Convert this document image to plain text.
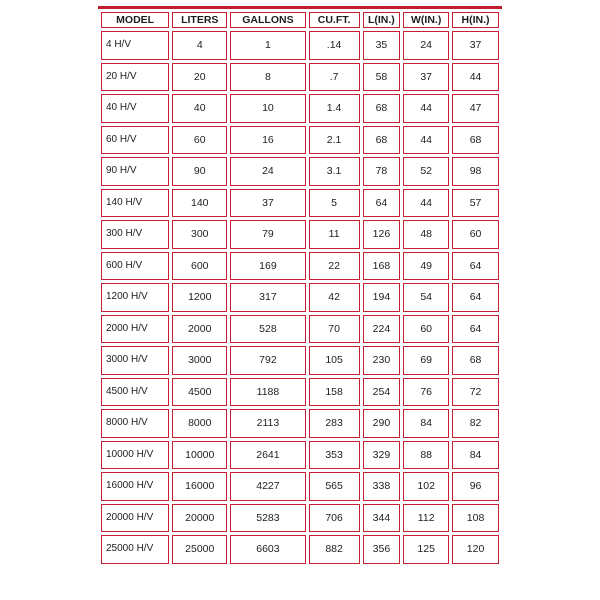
MODEL	LITERS	GALLONS	CU.FT.	L(IN.)	W(IN.)	H(IN.)
4 H/V	4	1	.14	35	24	37
20 H/V	20	8	.7	58	37	44
40 H/V	40	10	1.4	68	44	47
60 H/V	60	16	2.1	68	44	68
90 H/V	90	24	3.1	78	52	98
140 H/V	140	37	5	64	44	57
300 H/V	300	79	11	126	48	60
600 H/V	600	169	22	168	49	64
1200 H/V	1200	317	42	194	54	64
2000 H/V	2000	528	70	224	60	64
3000 H/V	3000	792	105	230	69	68
4500 H/V	4500	1188	158	254	76	72
8000 H/V	8000	2113	283	290	84	82
10000 H/V	10000	2641	353	329	88	84
16000 H/V	16000	4227	565	338	102	96
20000 H/V	20000	5283	706	344	112	108
25000 H/V	25000	6603	882	356	125	120
